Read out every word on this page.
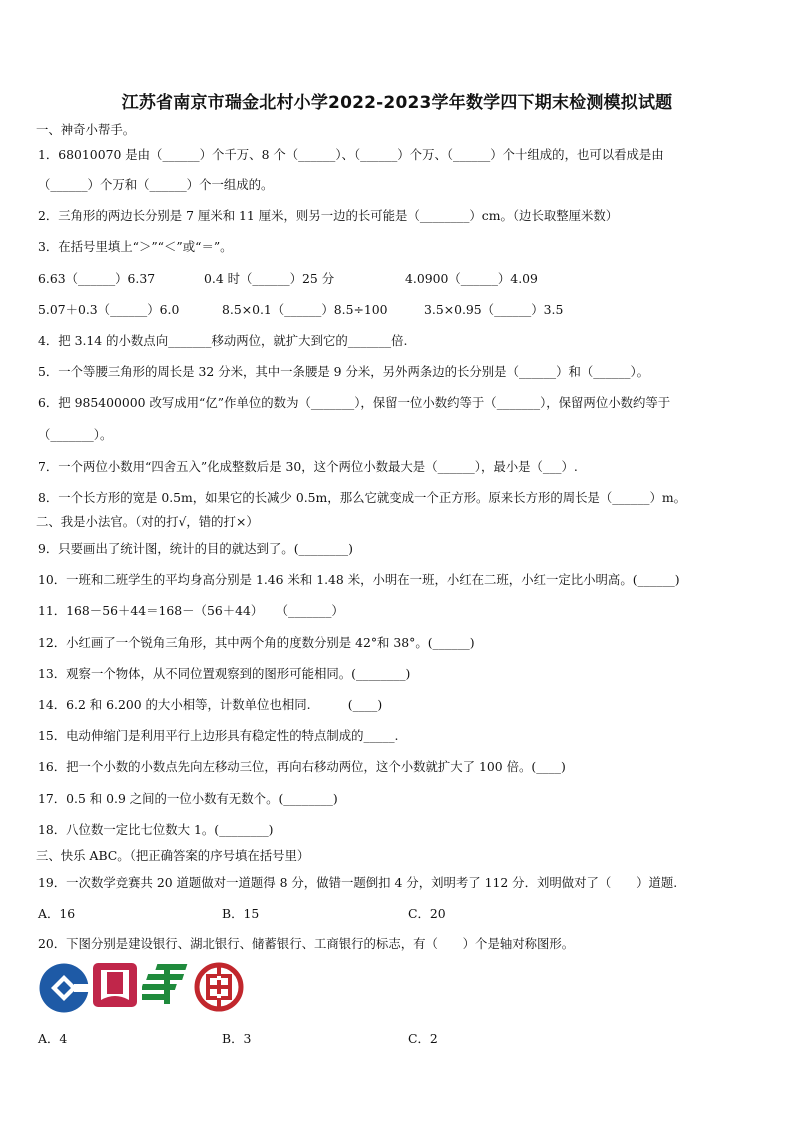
江苏省南京市瑞金北村小学2022-2023学年数学四下期末检测模拟试题
一、神奇小帮手。
1．68010070 是由（______）个千万、8 个（______）、（______）个万、（______）个十组成的，也可以看成是由
（______）个万和（______）个一组成的。
2．三角形的两边长分别是 7 厘米和 11 厘米，则另一边的长可能是（________）cm。（边长取整厘米数）
3．在括号里填上“＞”“＜”或“＝”。
6.63（______）6.37	0.4 时（______）25 分	4.0900（______）4.09
5.07＋0.3（______）6.0	8.5×0.1（______）8.5÷100	3.5×0.95（______）3.5
4．把 3.14 的小数点向_______移动两位，就扩大到它的_______倍.
5．一个等腰三角形的周长是 32 分米，其中一条腰是 9 分米，另外两条边的长分别是（______）和（______）。
6．把 985400000 改写成用“亿”作单位的数为（_______），保留一位小数约等于（_______），保留两位小数约等于
（_______）。
7．一个两位小数用“四舍五入”化成整数后是 30，这个两位小数最大是（______），最小是（___）.
8．一个长方形的宽是 0.5m，如果它的长减少 0.5m，那么它就变成一个正方形。原来长方形的周长是（______）m。
二、我是小法官。（对的打√，错的打×）
9．只要画出了统计图，统计的目的就达到了。(________)
10．一班和二班学生的平均身高分别是 1.46 米和 1.48 米，小明在一班，小红在二班，小红一定比小明高。(______)
11．168－56＋44＝168－（56＋44）　　（_______）
12．小红画了一个锐角三角形，其中两个角的度数分别是 42°和 38°。(______)
13．观察一个物体，从不同位置观察到的图形可能相同。(________)
14．6.2 和 6.200 的大小相等，计数单位也相同.　　　(____)
15．电动伸缩门是利用平行上边形具有稳定性的特点制成的_____.
16．把一个小数的小数点先向左移动三位，再向右移动两位，这个小数就扩大了 100 倍。(____)
17．0.5 和 0.9 之间的一位小数有无数个。(________)
18．八位数一定比七位数大 1。(________)
三、快乐 ABC。（把正确答案的序号填在括号里）
19．一次数学竞赛共 20 道题做对一道题得 8 分，做错一题倒扣 4 分，刘明考了 112 分．刘明做对了（　　）道题.
A．16	B．15	C．20
20．下图分别是建设银行、湖北银行、储蓄银行、工商银行的标志，有（　　）个是轴对称图形。
A．4	B．3	C．2
